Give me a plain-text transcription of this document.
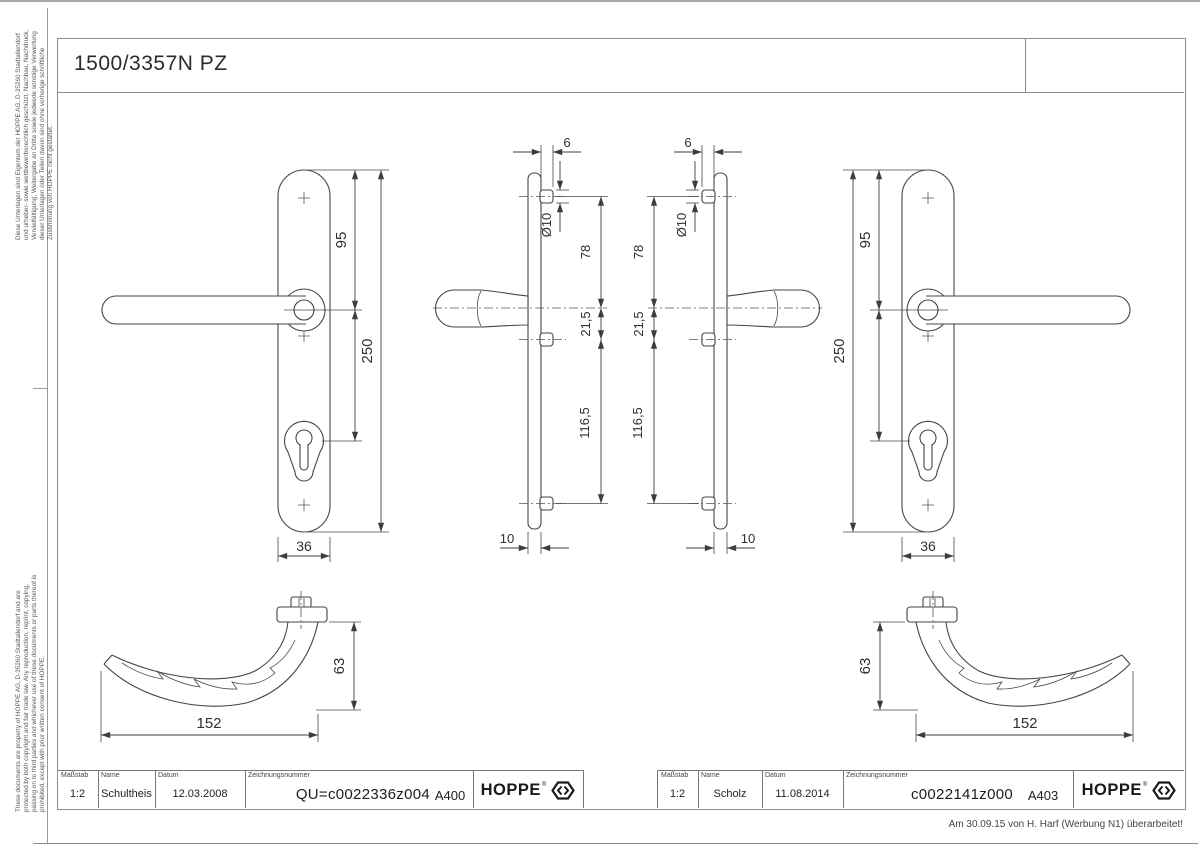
Diese Unterlagen sind Eigentum der HOPPE AG, D-35260 Stadtallendorf und urheber- sowie wettbewerbsrechtlich geschützt. Nachbau, Nachdruck, Vervielfältigung, Weitergabe an Dritte sowie jedwede sonstige Verwertung dieser Unterlagen oder Teilen davon sind ohne vorherige schriftliche Zustimmung von HOPPE nicht gestattet.
These documents are property of HOPPE AG, D-35260 Stadtallendorf and are protected by both copyright and fair trade law. Any reproduction, reprint, copying, passing on to third parties and whichever use of these documents or parts thereof is prohibited, except with prior written consent of HOPPE.
1500/3357N PZ
95
250
36
95
250
36
6
Ø10
78
21,5
116,5
10
6
Ø10
78
21,5
116,5
10
63
152
63
152
Maßstab
1:2
Name
Schultheis
Datum
12.03.2008
Zeichnungsnummer
QU=c0022336z004 A400 HOPPE ®
Maßstab
1:2
Name
Scholz
Datum
11.08.2014
Zeichnungsnummer
c0022141z000	A403	HOPPE ®
Am 30.09.15 von H. Harf (Werbung N1) überarbeitet!
